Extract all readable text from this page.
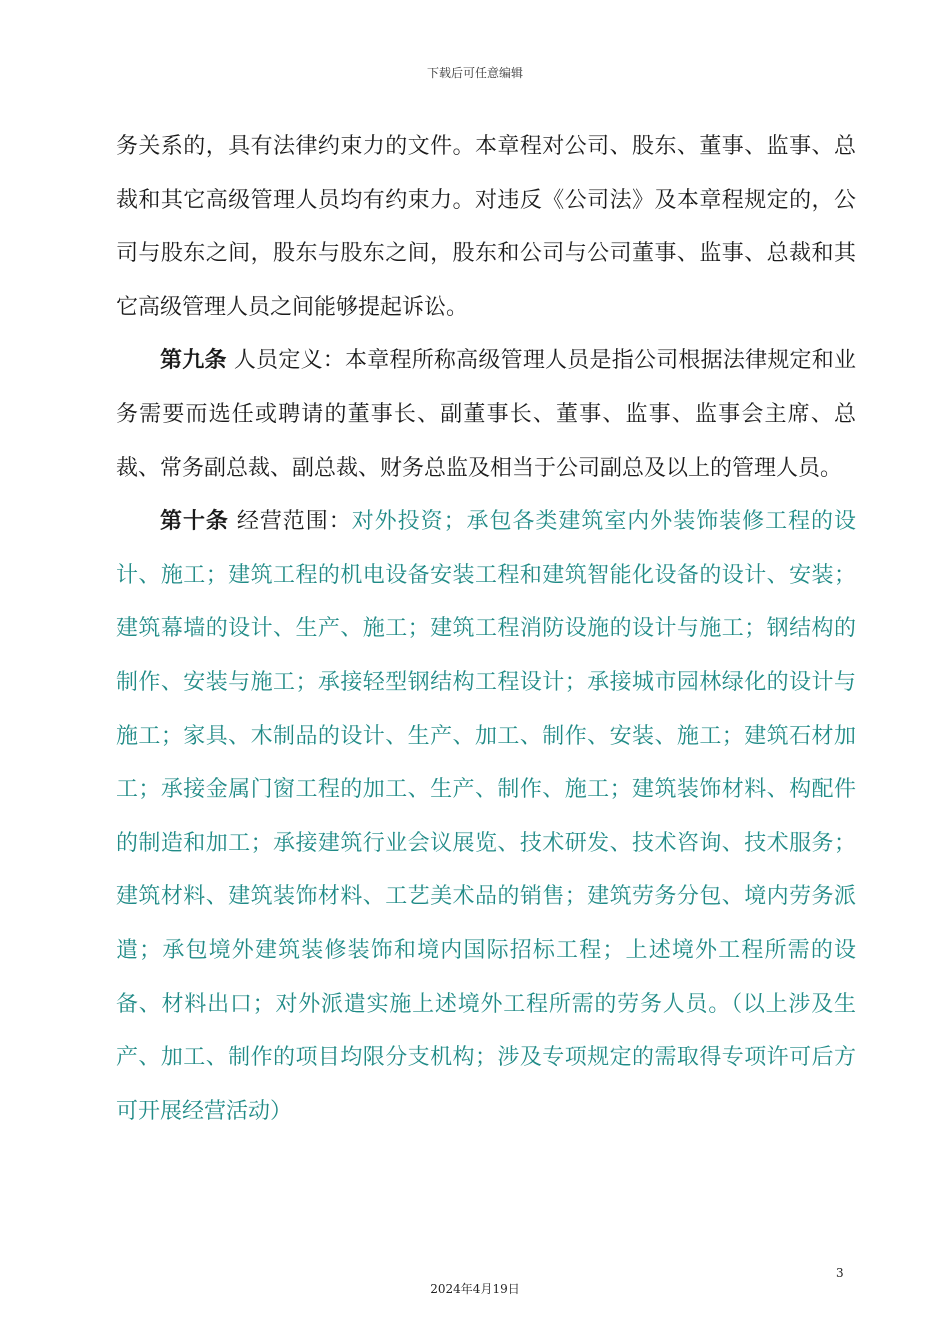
下载后可任意编辑

务关系的，具有法律约束力的文件。本章程对公司、股东、董事、监事、总裁和其它高级管理人员均有约束力。对违反《公司法》及本章程规定的，公司与股东之间，股东与股东之间，股东和公司与公司董事、监事、总裁和其它高级管理人员之间能够提起诉讼。

第九条 人员定义：本章程所称高级管理人员是指公司根据法律规定和业务需要而选任或聘请的董事长、副董事长、董事、监事、监事会主席、总裁、常务副总裁、副总裁、财务总监及相当于公司副总及以上的管理人员。

第十条 经营范围：对外投资；承包各类建筑室内外装饰装修工程的设计、施工；建筑工程的机电设备安装工程和建筑智能化设备的设计、安装；建筑幕墙的设计、生产、施工；建筑工程消防设施的设计与施工；钢结构的制作、安装与施工；承接轻型钢结构工程设计；承接城市园林绿化的设计与施工；家具、木制品的设计、生产、加工、制作、安装、施工；建筑石材加工；承接金属门窗工程的加工、生产、制作、施工；建筑装饰材料、构配件的制造和加工；承接建筑行业会议展览、技术研发、技术咨询、技术服务；建筑材料、建筑装饰材料、工艺美术品的销售；建筑劳务分包、境内劳务派遣；承包境外建筑装修装饰和境内国际招标工程；上述境外工程所需的设备、材料出口；对外派遣实施上述境外工程所需的劳务人员。（以上涉及生产、加工、制作的项目均限分支机构；涉及专项规定的需取得专项许可后方可开展经营活动）

3
2024年4月19日
